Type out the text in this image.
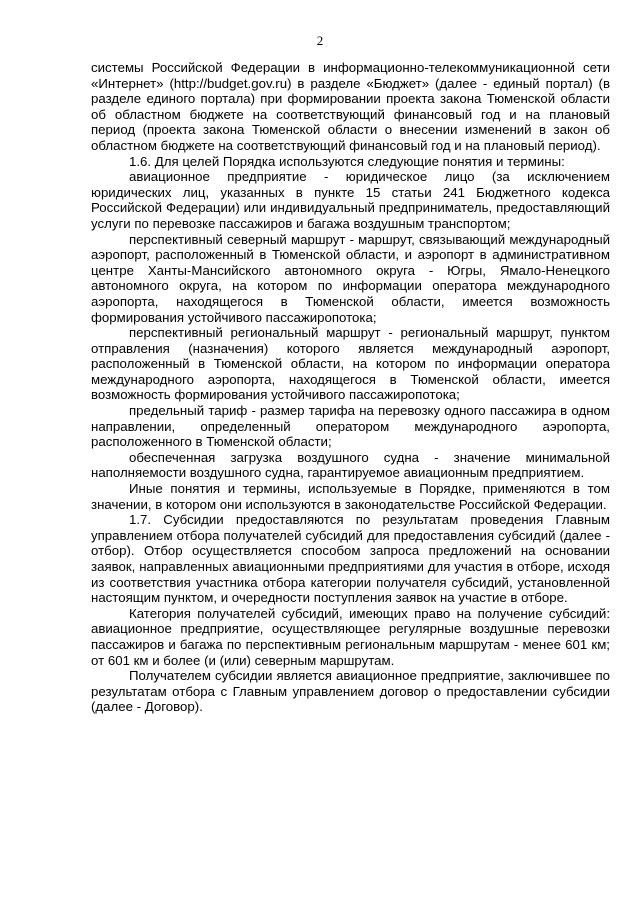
2

системы Российской Федерации в информационно-телекоммуникационной сети «Интернет» (http://budget.gov.ru) в разделе «Бюджет» (далее - единый портал) (в разделе единого портала) при формировании проекта закона Тюменской области об областном бюджете на соответствующий финансовый год и на плановый период (проекта закона Тюменской области о внесении изменений в закон об областном бюджете на соответствующий финансовый год и на плановый период).

1.6. Для целей Порядка используются следующие понятия и термины:

авиационное предприятие - юридическое лицо (за исключением юридических лиц, указанных в пункте 15 статьи 241 Бюджетного кодекса Российской Федерации) или индивидуальный предприниматель, предоставляющий услуги по перевозке пассажиров и багажа воздушным транспортом;

перспективный северный маршрут - маршрут, связывающий международный аэропорт, расположенный в Тюменской области, и аэропорт в административном центре Ханты-Мансийского автономного округа - Югры, Ямало-Ненецкого автономного округа, на котором по информации оператора международного аэропорта, находящегося в Тюменской области, имеется возможность формирования устойчивого пассажиропотока;

перспективный региональный маршрут - региональный маршрут, пунктом отправления (назначения) которого является международный аэропорт, расположенный в Тюменской области, на котором по информации оператора международного аэропорта, находящегося в Тюменской области, имеется возможность формирования устойчивого пассажиропотока;

предельный тариф - размер тарифа на перевозку одного пассажира в одном направлении, определенный оператором международного аэропорта, расположенного в Тюменской области;

обеспеченная загрузка воздушного судна - значение минимальной наполняемости воздушного судна, гарантируемое авиационным предприятием.

Иные понятия и термины, используемые в Порядке, применяются в том значении, в котором они используются в законодательстве Российской Федерации.

1.7. Субсидии предоставляются по результатам проведения Главным управлением отбора получателей субсидий для предоставления субсидий (далее - отбор). Отбор осуществляется способом запроса предложений на основании заявок, направленных авиационными предприятиями для участия в отборе, исходя из соответствия участника отбора категории получателя субсидий, установленной настоящим пунктом, и очередности поступления заявок на участие в отборе.

Категория получателей субсидий, имеющих право на получение субсидий: авиационное предприятие, осуществляющее регулярные воздушные перевозки пассажиров и багажа по перспективным региональным маршрутам - менее 601 км; от 601 км и более (и (или) северным маршрутам.

Получателем субсидии является авиационное предприятие, заключившее по результатам отбора с Главным управлением договор о предоставлении субсидии (далее - Договор).
